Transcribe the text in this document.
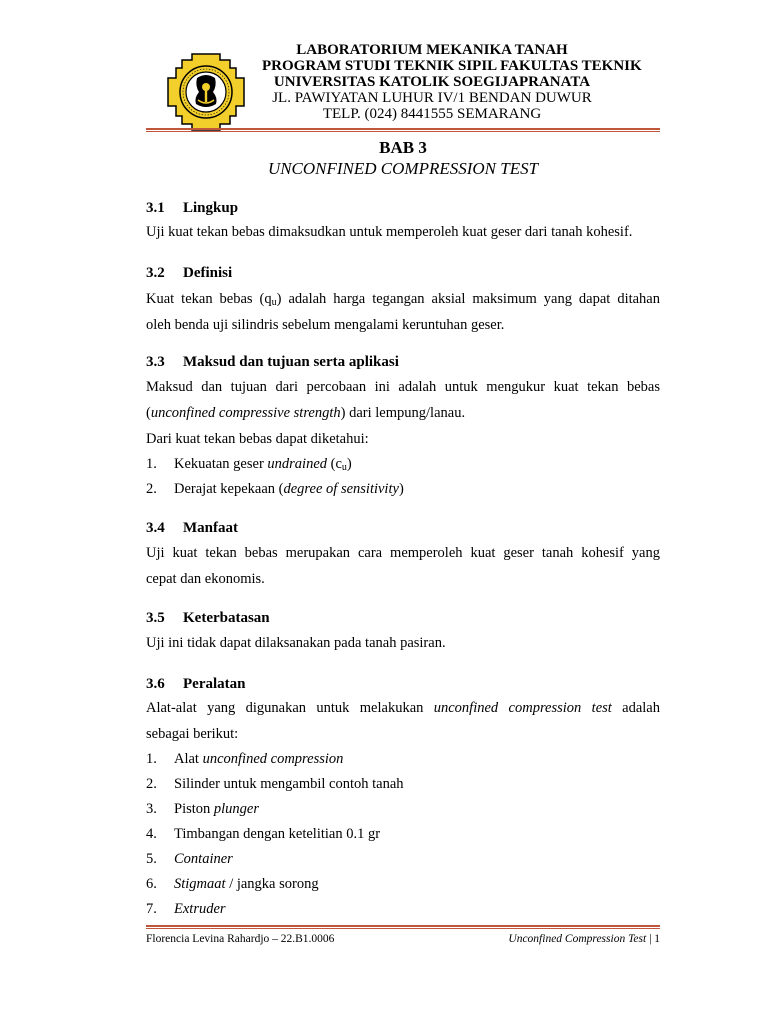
LABORATORIUM MEKANIKA TANAH
PROGRAM STUDI TEKNIK SIPIL FAKULTAS TEKNIK
UNIVERSITAS KATOLIK SOEGIJAPRANATA
JL. PAWIYATAN LUHUR IV/1 BENDAN DUWUR
TELP. (024) 8441555 SEMARANG
BAB 3
UNCONFINED COMPRESSION TEST
3.1 Lingkup
Uji kuat tekan bebas dimaksudkan untuk memperoleh kuat geser dari tanah kohesif.
3.2 Definisi
Kuat tekan bebas $(q_u)$ adalah harga tegangan aksial maksimum yang dapat ditahan
oleh benda uji silindris sebelum mengalami keruntuhan geser.
3.3 Maksud dan tujuan serta aplikasi
Maksud dan tujuan dari percobaan ini adalah untuk mengukur kuat tekan bebas
(unconfined compressive strength) dari lempung/lanau.
Dari kuat tekan bebas dapat diketahui:
1. Kekuatan geser undrained $(c_u)$
2. Derajat kepekaan (degree of sensitivity)
3.4 Manfaat
Uji kuat tekan bebas merupakan cara memperoleh kuat geser tanah kohesif yang
cepat dan ekonomis.
3.5 Keterbatasan
Uji ini tidak dapat dilaksanakan pada tanah pasiran.
3.6 Peralatan
Alat-alat yang digunakan untuk melakukan unconfined compression test adalah
sebagai berikut:
1. Alat unconfined compression
2. Silinder untuk mengambil contoh tanah
3. Piston plunger
4. Timbangan dengan ketelitian 0.1 gr
5. Container
6. Stigmaat / jangka sorong
7. Extruder
Florencia Levina Rahardjo – 22.B1.0006	Unconfined Compression Test | 1
